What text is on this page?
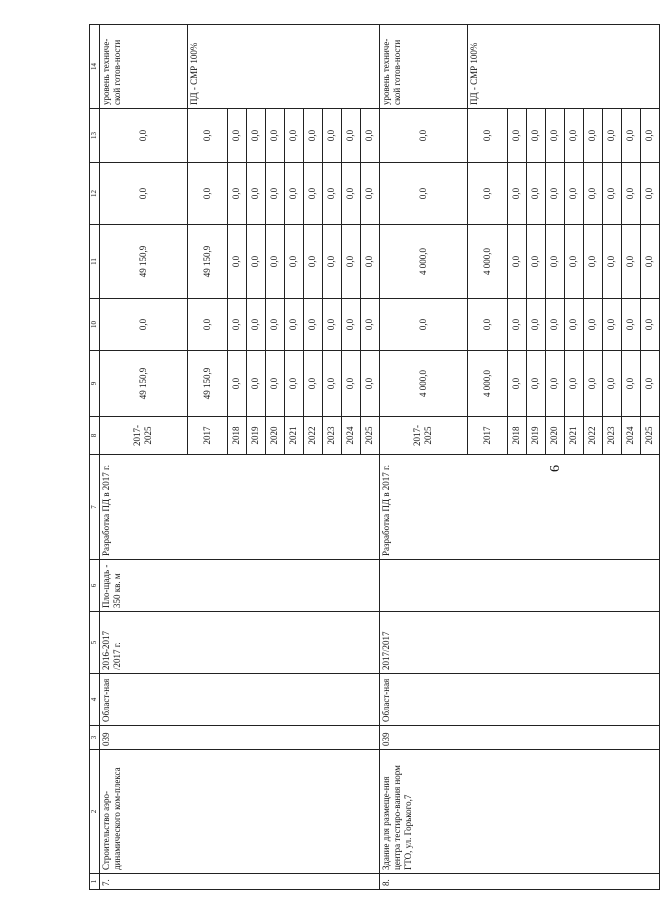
6
1	2	3	4	5	6	7	8	9	10	11	12	13	14
7.	Строительство аэро-динамического ком-плекса	039	Област-ная	2016-2017 /2017 г.	Пло-щадь - 350 кв. м	Разработка ПД в 2017 г.	2017-2025	49 150,9	0,0	49 150,9	0,0	0,0	уровень техниче-ской готов-ности
							2017	49 150,9	0,0	49 150,9	0,0	0,0	ПД - СМР 100%
							2018	0,0	0,0	0,0	0,0	0,0	
							2019	0,0	0,0	0,0	0,0	0,0	
							2020	0,0	0,0	0,0	0,0	0,0	
							2021	0,0	0,0	0,0	0,0	0,0	
							2022	0,0	0,0	0,0	0,0	0,0	
							2023	0,0	0,0	0,0	0,0	0,0	
							2024	0,0	0,0	0,0	0,0	0,0	
							2025	0,0	0,0	0,0	0,0	0,0	

8.	Здание для размеще-ния центра тестиро-вания норм ГТО, ул. Горького,7	039	Област-ная	2017/2017		Разработка ПД в 2017 г.	2017-2025	4 000,0	0,0	4 000,0	0,0	0,0	уровень техниче-ской готов-ности
							2017	4 000,0	0,0	4 000,0	0,0	0,0	ПД - СМР 100%
							2018	0,0	0,0	0,0	0,0	0,0	
							2019	0,0	0,0	0,0	0,0	0,0	
							2020	0,0	0,0	0,0	0,0	0,0	
							2021	0,0	0,0	0,0	0,0	0,0	
							2022	0,0	0,0	0,0	0,0	0,0	
							2023	0,0	0,0	0,0	0,0	0,0	
							2024	0,0	0,0	0,0	0,0	0,0	
							2025	0,0	0,0	0,0	0,0	0,0	
